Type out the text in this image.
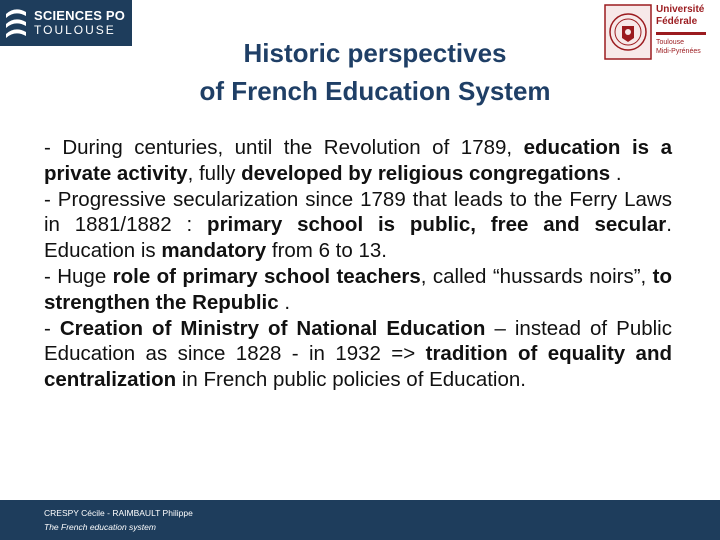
SCIENCES PO
TOULOUSE
Université
Fédérale
Toulouse
Midi-Pyrénées
Historic perspectives
of French Education System

- During centuries, until the Revolution of 1789, education is a private activity, fully developed by religious congregations .

- Progressive secularization since 1789 that leads to the Ferry Laws in 1881/1882 : primary school is public, free and secular. Education is mandatory from 6 to 13.

- Huge role of primary school teachers, called “hussards noirs”, to strengthen the Republic .

- Creation of Ministry of National Education – instead of Public Education as since 1828 - in 1932 => tradition of equality and centralization in French public policies of Education.

CRESPY Cécile - RAIMBAULT Philippe
The French education system
